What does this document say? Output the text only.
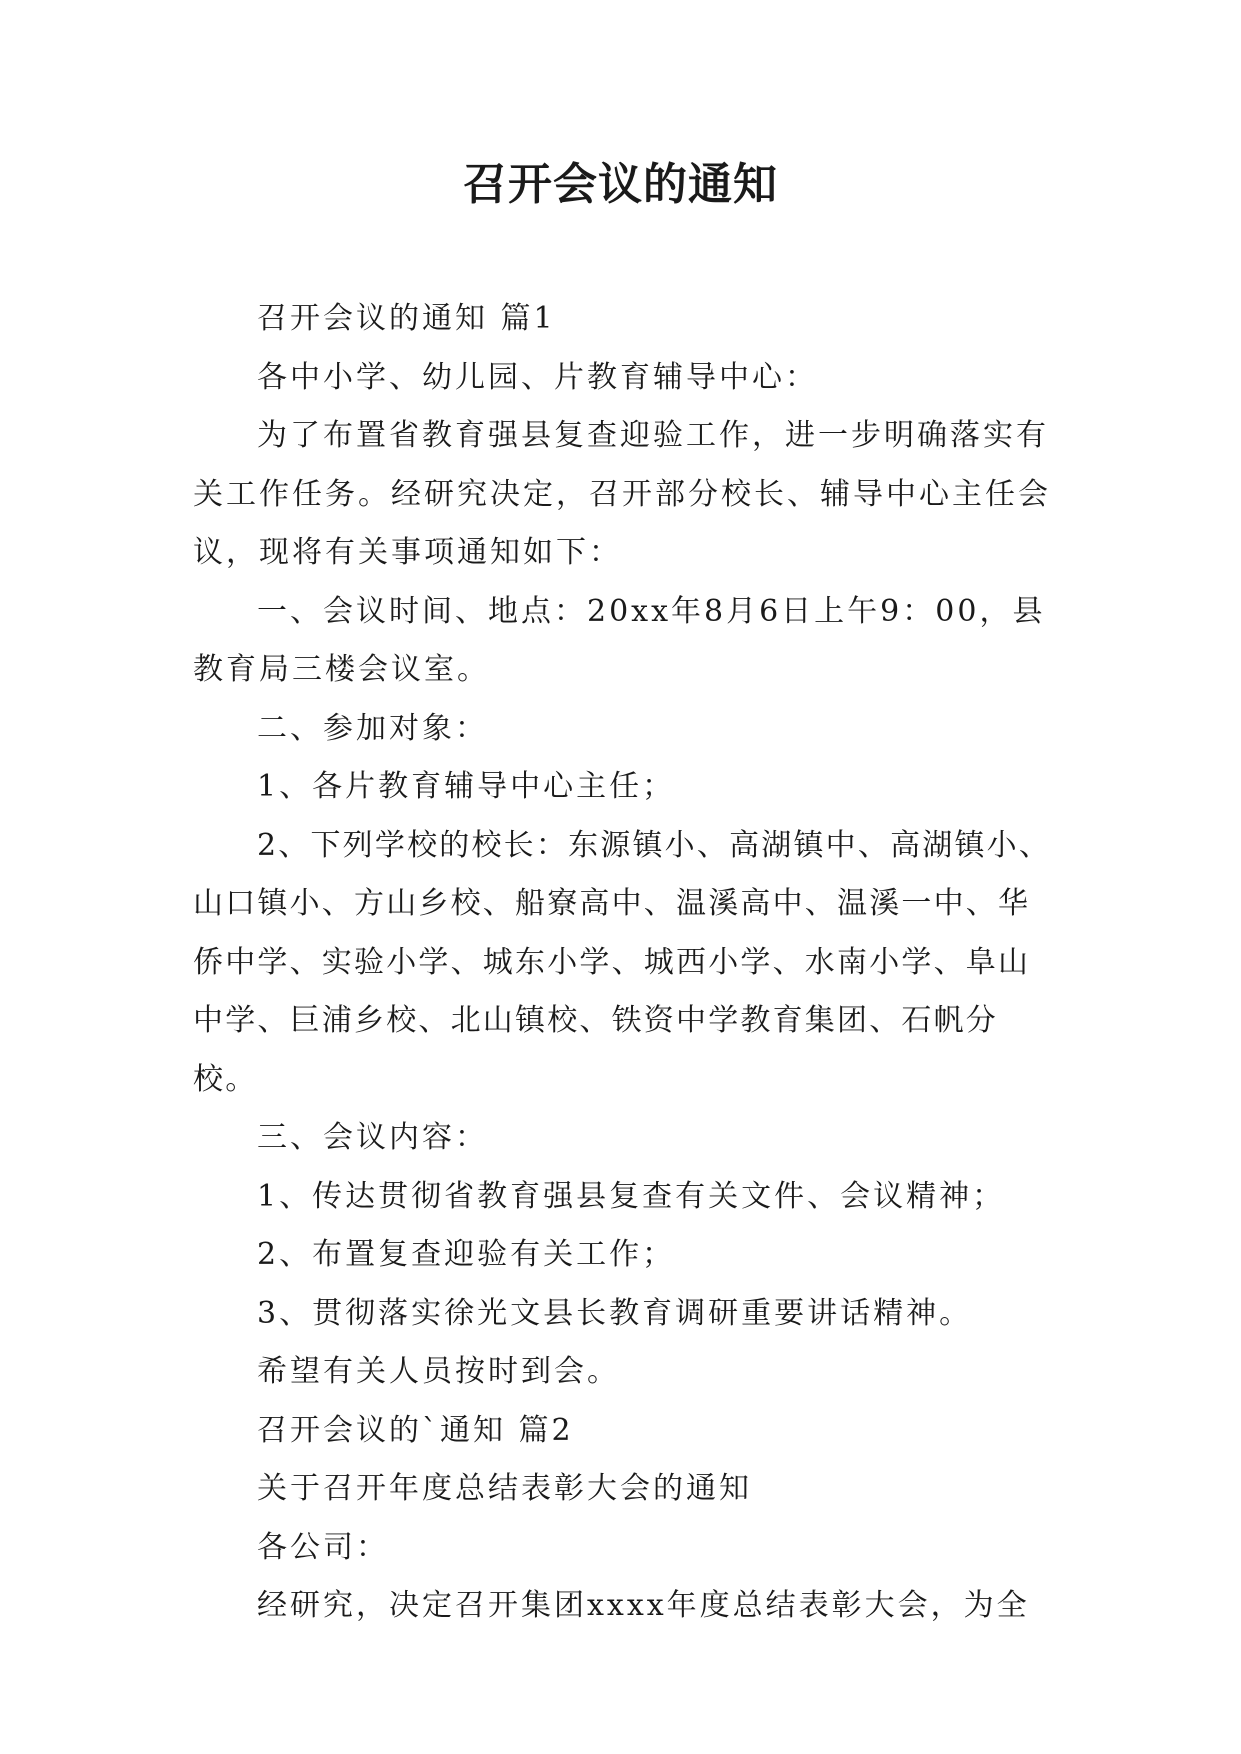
召开会议的通知

召开会议的通知 篇1

各中小学、幼儿园、片教育辅导中心：

为了布置省教育强县复查迎验工作，进一步明确落实有关工作任务。经研究决定，召开部分校长、辅导中心主任会议，现将有关事项通知如下：

一、会议时间、地点：20xx年8月6日上午9：00，县教育局三楼会议室。

二、参加对象：

1、各片教育辅导中心主任；

2、下列学校的校长：东源镇小、高湖镇中、高湖镇小、山口镇小、方山乡校、船寮高中、温溪高中、温溪一中、华侨中学、实验小学、城东小学、城西小学、水南小学、阜山中学、巨浦乡校、北山镇校、铁资中学教育集团、石帆分校。

三、会议内容：

1、传达贯彻省教育强县复查有关文件、会议精神；

2、布置复查迎验有关工作；

3、贯彻落实徐光文县长教育调研重要讲话精神。

希望有关人员按时到会。

召开会议的`通知 篇2

关于召开年度总结表彰大会的通知

各公司：

经研究，决定召开集团xxxx年度总结表彰大会，为全
